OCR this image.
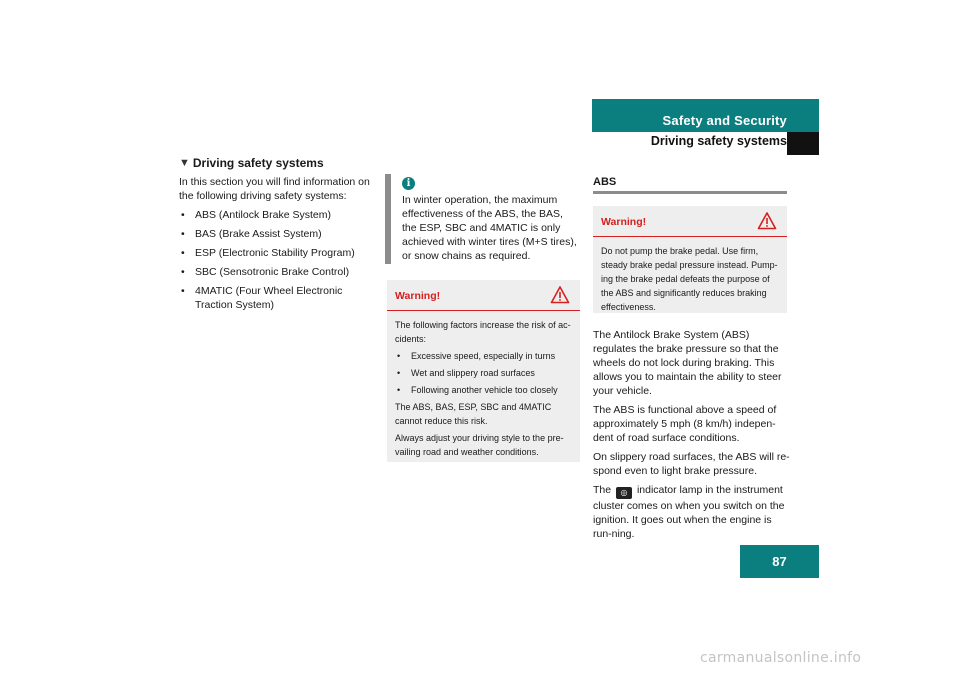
Safety and Security
Driving safety systems
▼ Driving safety systems

In this section you will find information on the following driving safety systems:

• ABS (Antilock Brake System)
• BAS (Brake Assist System)
• ESP (Electronic Stability Program)
• SBC (Sensotronic Brake Control)
• 4MATIC (Four Wheel Electronic Traction System)
i
In winter operation, the maximum effectiveness of the ABS, the BAS, the ESP, SBC and 4MATIC is only achieved with winter tires (M+S tires), or snow chains as required.
Warning!

The following factors increase the risk of ac-cidents:

• Excessive speed, especially in turns
• Wet and slippery road surfaces
• Following another vehicle too closely

The ABS, BAS, ESP, SBC and 4MATIC cannot reduce this risk.

Always adjust your driving style to the pre-vailing road and weather conditions.

ABS
Warning!

Do not pump the brake pedal. Use firm, steady brake pedal pressure instead. Pump-ing the brake pedal defeats the purpose of the ABS and significantly reduces braking effectiveness.

The Antilock Brake System (ABS) regulates the brake pressure so that the wheels do not lock during braking. This allows you to maintain the ability to steer your vehicle.

The ABS is functional above a speed of approximately 5 mph (8 km/h) indepen-dent of road surface conditions.

On slippery road surfaces, the ABS will re-spond even to light brake pressure.

The ◎ indicator lamp in the instrument cluster comes on when you switch on the ignition. It goes out when the engine is run-ning.

87
carmanualsonline.info
